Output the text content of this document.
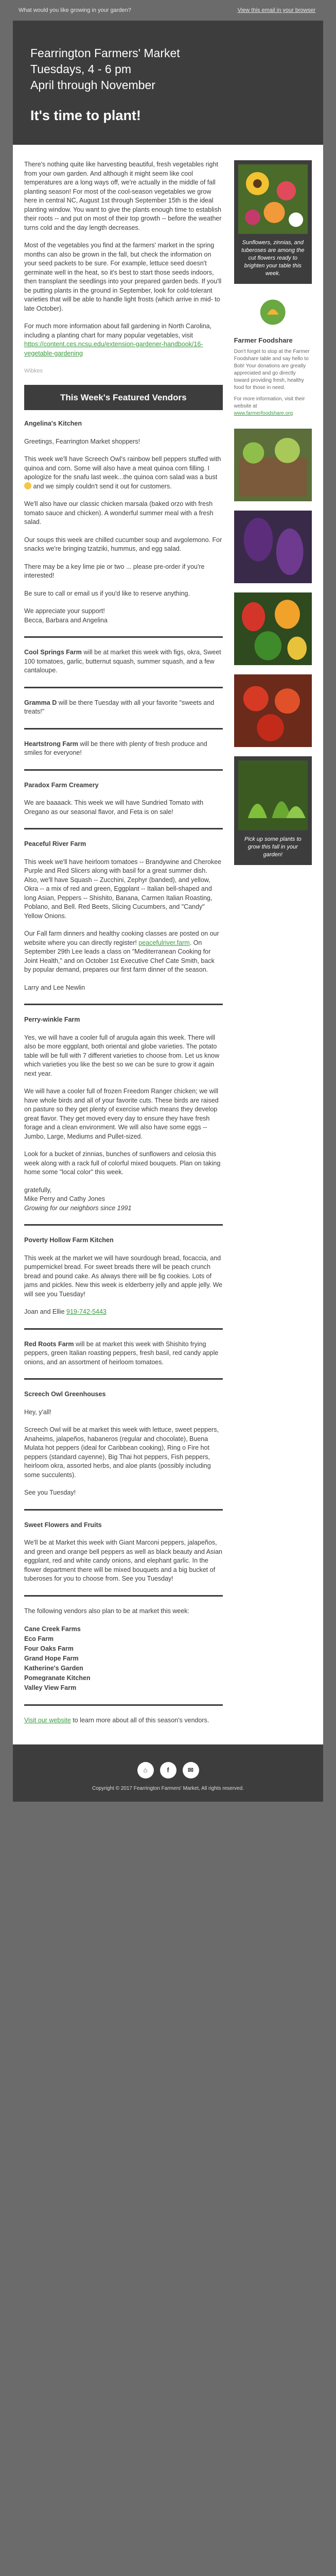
What would you like growing in your garden?	View this email in your browser

Fearrington Farmers' Market

Tuesdays, 4 - 6 pm

April through November

It's time to plant!

There's nothing quite like harvesting beautiful, fresh vegetables right from your own garden. And although it might seem like cool temperatures are a long ways off, we're actually in the middle of fall planting season! For most of the cool-season vegetables we grow here in central NC, August 1st through September 15th is the ideal planting window. You want to give the plants enough time to establish their roots -- and put on most of their top growth -- before the weather turns cold and the day length decreases.

Most of the vegetables you find at the farmers' market in the spring months can also be grown in the fall, but check the information on your seed packets to be sure. For example, lettuce seed doesn't germinate well in the heat, so it's best to start those seeds indoors, then transplant the seedlings into your prepared garden beds. If you'll be putting plants in the ground in September, look for cold-tolerant varieties that will be able to handle light frosts (which arrive in mid- to late October).

For much more information about fall gardening in North Carolina, including a planting chart for many popular vegetables, visit https://content.ces.ncsu.edu/extension-gardener-handbook/16-vegetable-gardening

Wibkes

This Week's Featured Vendors

Angelina's Kitchen

Greetings, Fearrington Market shoppers!

This week we'll have Screech Owl's rainbow bell peppers stuffed with quinoa and corn. Some will also have a meat quinoa corn filling. I apologize for the snafu last week...the quinoa corn salad was a bust  and we simply couldn't send it out for customers.

We'll also have our classic chicken marsala (baked orzo with fresh tomato sauce and chicken). A wonderful summer meal with a fresh salad.

Our soups this week are chilled cucumber soup and avgolemono. For snacks we're bringing tzatziki, hummus, and egg salad.

There may be a key lime pie or two ... please pre-order if you're interested!

Be sure to call or email us if you'd like to reserve anything.

We appreciate your support!

Becca, Barbara and Angelina

Cool Springs Farm will be at market this week with figs, okra, Sweet 100 tomatoes, garlic, butternut squash, summer squash, and a few cantaloupe.

Gramma D will be there Tuesday with all your favorite "sweets and treats!"

Heartstrong Farm will be there with plenty of fresh produce and smiles for everyone!

Paradox Farm Creamery

We are baaaack. This week we will have Sundried Tomato with Oregano as our seasonal flavor, and Feta is on sale!

Peaceful River Farm

This week we'll have heirloom tomatoes -- Brandywine and Cherokee Purple and Red Slicers along with basil for a great summer dish. Also, we'll have Squash -- Zucchini, Zephyr (banded), and yellow, Okra -- a mix of red and green, Eggplant -- Italian bell-shaped and long Asian, Peppers -- Shishito, Banana, Carmen Italian Roasting, Poblano, and Bell. Red Beets, Slicing Cucumbers, and "Candy" Yellow Onions.

Our Fall farm dinners and healthy cooking classes are posted on our website where you can directly register! peacefulriver.farm. On September 29th Lee leads a class on "Mediterranean Cooking for Joint Health," and on October 1st Executive Chef Cate Smith, back by popular demand, prepares our first farm dinner of the season.

Larry and Lee Newlin

Perry-winkle Farm

Yes, we will have a cooler full of arugula again this week. There will also be more eggplant, both oriental and globe varieties. The potato table will be full with 7 different varieties to choose from. Let us know which varieties you like the best so we can be sure to grow it again next year.

We will have a cooler full of frozen Freedom Ranger chicken; we will have whole birds and all of your favorite cuts. These birds are raised on pasture so they get plenty of exercise which means they develop great flavor. They get moved every day to ensure they have fresh forage and a clean environment. We will also have some eggs -- Jumbo, Large, Mediums and Pullet-sized.

Look for a bucket of zinnias, bunches of sunflowers and celosia this week along with a rack full of colorful mixed bouquets. Plan on taking home some "local color" this week.

gratefully,

Mike Perry and Cathy Jones

Growing for our neighbors since 1991

Poverty Hollow Farm Kitchen

This week at the market we will have sourdough bread, focaccia, and pumpernickel bread. For sweet breads there will be peach crunch bread and pound cake. As always there will be fig cookies. Lots of jams and pickles. New this week is elderberry jelly and apple jelly. We will see you Tuesday!

Joan and Ellie 919-742-5443

Red Roots Farm will be at market this week with Shishito frying peppers, green Italian roasting peppers, fresh basil, red candy apple onions, and an assortment of heirloom tomatoes.

Screech Owl Greenhouses

Hey, y'all!

Screech Owl will be at market this week with lettuce, sweet peppers, Anaheims, jalapeños, habaneros (regular and chocolate), Buena Mulata hot peppers (ideal for Caribbean cooking), Ring o Fire hot peppers (standard cayenne), Big Thai hot peppers, Fish peppers, heirloom okra, assorted herbs, and aloe plants (possibly including some succulents).

See you Tuesday!

Sweet Flowers and Fruits

We'll be at Market this week with Giant Marconi peppers, jalapeños, and green and orange bell peppers as well as black beauty and Asian eggplant, red and white candy onions, and elephant garlic. In the flower department there will be mixed bouquets and a big bucket of tuberoses for you to choose from. See you Tuesday!

The following vendors also plan to be at market this week:

Cane Creek Farms
Eco Farm
Four Oaks Farm
Grand Hope Farm
Katherine's Garden
Pomegranate Kitchen
Valley View Farm

Visit our website to learn more about all of this season's vendors.

Sunflowers, zinnias, and tuberoses are among the cut flowers ready to brighten your table this week.
Farmer Foodshare
Don't forget to stop at the Farmer Foodshare table and say hello to Bob! Your donations are greatly appreciated and go directly toward providing fresh, healthy food for those in need.
For more information, visit their website at www.farmerfoodshare.org
Pick up some plants to grow this fall in your garden!
⌂	f	✉
Copyright © 2017 Fearrington Farmers' Market, All rights reserved.
